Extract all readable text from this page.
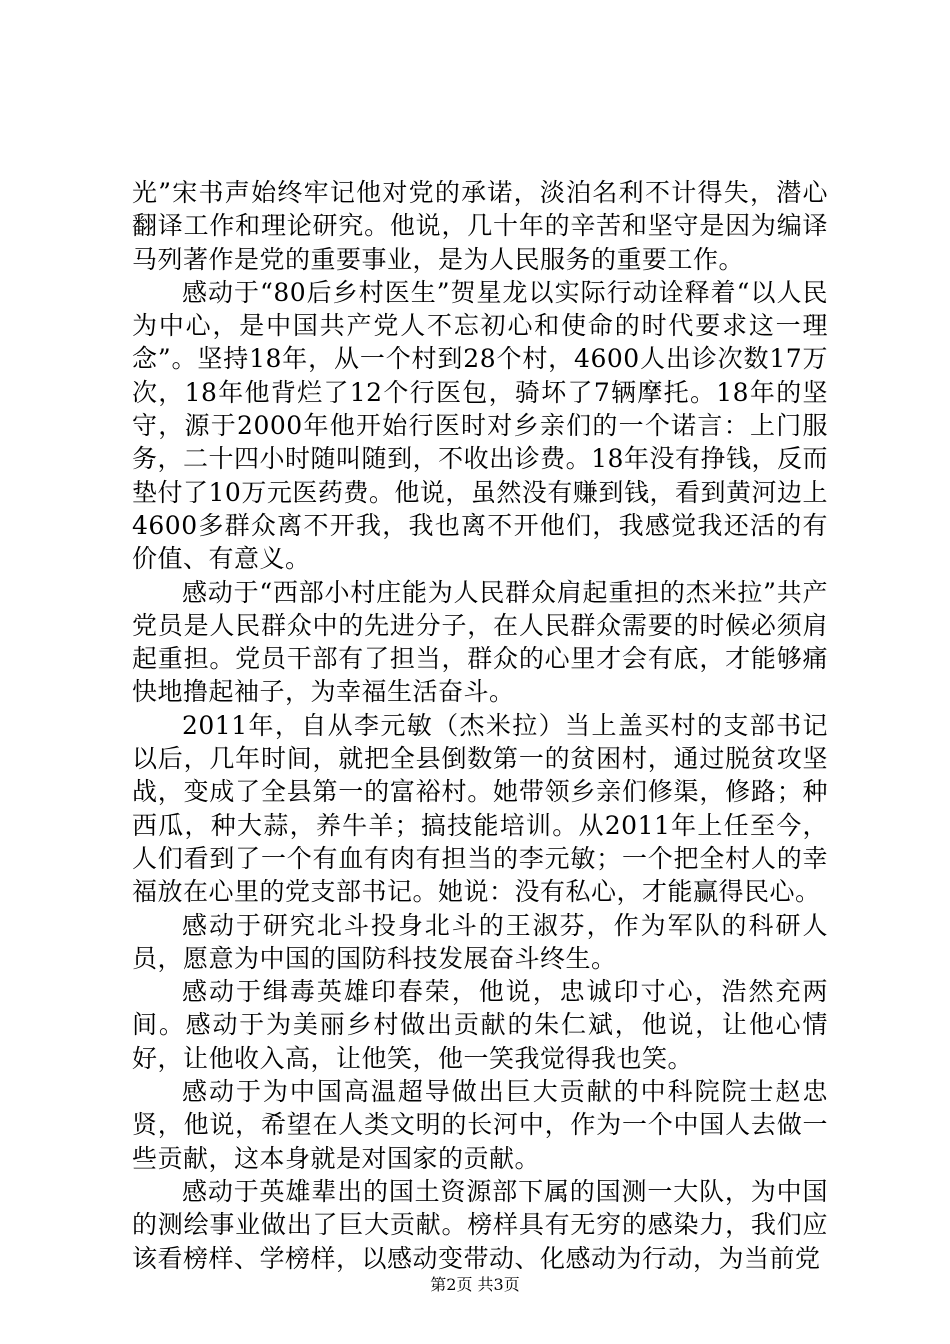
光”宋书声始终牢记他对党的承诺，淡泊名利不计得失，潜心翻译工作和理论研究。他说，几十年的辛苦和坚守是因为编译马列著作是党的重要事业，是为人民服务的重要工作。

感动于“80后乡村医生”贺星龙以实际行动诠释着“以人民为中心，是中国共产党人不忘初心和使命的时代要求这一理念”。坚持18年，从一个村到28个村，4600人出诊次数17万次，18年他背烂了12个行医包，骑坏了7辆摩托。18年的坚守，源于2000年他开始行医时对乡亲们的一个诺言：上门服务，二十四小时随叫随到，不收出诊费。18年没有挣钱，反而垫付了10万元医药费。他说，虽然没有赚到钱，看到黄河边上4600多群众离不开我，我也离不开他们，我感觉我还活的有价值、有意义。

感动于“西部小村庄能为人民群众肩起重担的杰米拉”共产党员是人民群众中的先进分子，在人民群众需要的时候必须肩起重担。党员干部有了担当，群众的心里才会有底，才能够痛快地撸起袖子，为幸福生活奋斗。

2011年，自从李元敏（杰米拉）当上盖买村的支部书记以后，几年时间，就把全县倒数第一的贫困村，通过脱贫攻坚战，变成了全县第一的富裕村。她带领乡亲们修渠，修路；种西瓜，种大蒜，养牛羊；搞技能培训。从2011年上任至今，人们看到了一个有血有肉有担当的李元敏；一个把全村人的幸福放在心里的党支部书记。她说：没有私心，才能赢得民心。

感动于研究北斗投身北斗的王淑芬，作为军队的科研人员，愿意为中国的国防科技发展奋斗终生。

感动于缉毒英雄印春荣，他说，忠诚印寸心，浩然充两间。感动于为美丽乡村做出贡献的朱仁斌，他说，让他心情好，让他收入高，让他笑，他一笑我觉得我也笑。

感动于为中国高温超导做出巨大贡献的中科院院士赵忠贤，他说，希望在人类文明的长河中，作为一个中国人去做一些贡献，这本身就是对国家的贡献。

感动于英雄辈出的国土资源部下属的国测一大队，为中国的测绘事业做出了巨大贡献。榜样具有无穷的感染力，我们应该看榜样、学榜样，以感动变带动、化感动为行动，为当前党

第2页 共3页
